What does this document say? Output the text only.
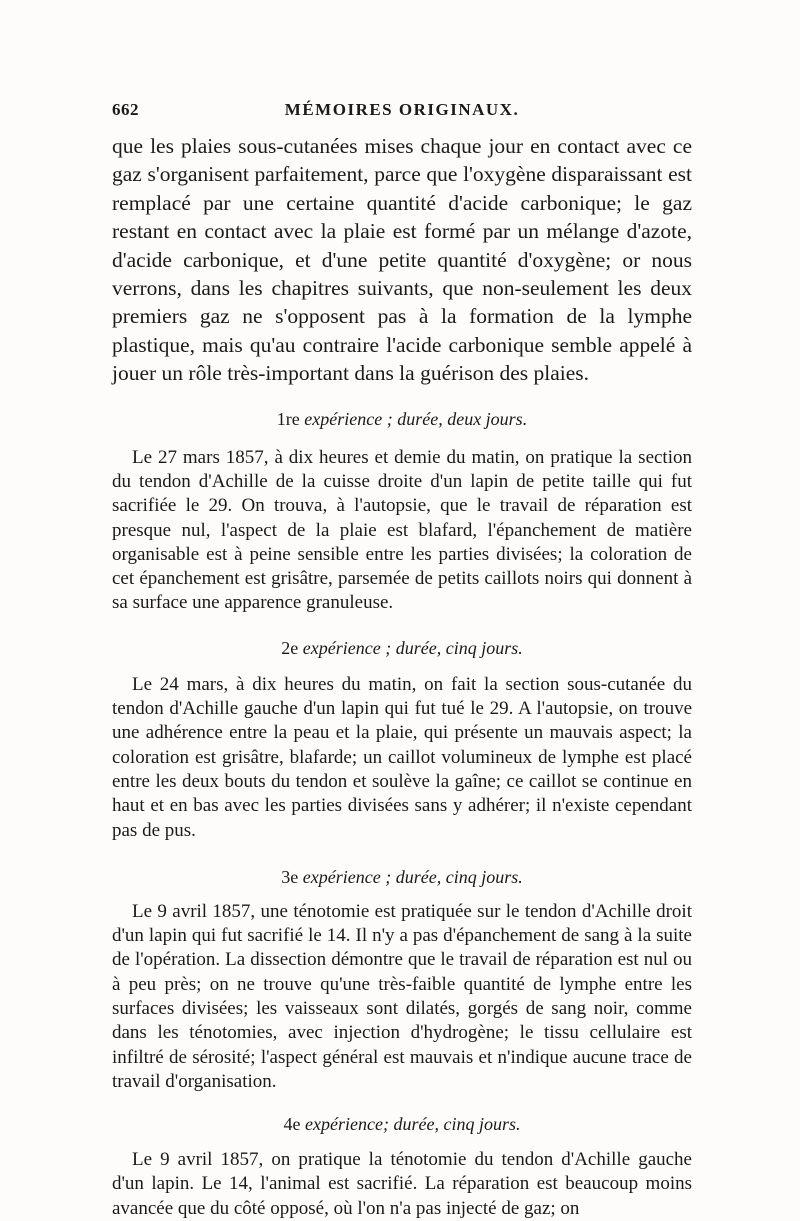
662	MÉMOIRES ORIGINAUX.

que les plaies sous-cutanées mises chaque jour en contact avec ce gaz s'organisent parfaitement, parce que l'oxygène disparaissant est remplacé par une certaine quantité d'acide carbonique; le gaz restant en contact avec la plaie est formé par un mélange d'azote, d'acide carbonique, et d'une petite quantité d'oxygène; or nous verrons, dans les chapitres suivants, que non-seulement les deux premiers gaz ne s'opposent pas à la formation de la lymphe plastique, mais qu'au contraire l'acide carbonique semble appelé à jouer un rôle très-important dans la guérison des plaies.

1re expérience ; durée, deux jours.

Le 27 mars 1857, à dix heures et demie du matin, on pratique la section du tendon d'Achille de la cuisse droite d'un lapin de petite taille qui fut sacrifiée le 29. On trouva, à l'autopsie, que le travail de réparation est presque nul, l'aspect de la plaie est blafard, l'épanchement de matière organisable est à peine sensible entre les parties divisées; la coloration de cet épanchement est grisâtre, parsemée de petits caillots noirs qui donnent à sa surface une apparence granuleuse.

2e expérience ; durée, cinq jours.

Le 24 mars, à dix heures du matin, on fait la section sous-cutanée du tendon d'Achille gauche d'un lapin qui fut tué le 29. A l'autopsie, on trouve une adhérence entre la peau et la plaie, qui présente un mauvais aspect; la coloration est grisâtre, blafarde; un caillot volumineux de lymphe est placé entre les deux bouts du tendon et soulève la gaîne; ce caillot se continue en haut et en bas avec les parties divisées sans y adhérer; il n'existe cependant pas de pus.

3e expérience ; durée, cinq jours.

Le 9 avril 1857, une ténotomie est pratiquée sur le tendon d'Achille droit d'un lapin qui fut sacrifié le 14. Il n'y a pas d'épanchement de sang à la suite de l'opération. La dissection démontre que le travail de réparation est nul ou à peu près; on ne trouve qu'une très-faible quantité de lymphe entre les surfaces divisées; les vaisseaux sont dilatés, gorgés de sang noir, comme dans les ténotomies, avec injection d'hydrogène; le tissu cellulaire est infiltré de sérosité; l'aspect général est mauvais et n'indique aucune trace de travail d'organisation.

4e expérience; durée, cinq jours.

Le 9 avril 1857, on pratique la ténotomie du tendon d'Achille gauche d'un lapin. Le 14, l'animal est sacrifié. La réparation est beaucoup moins avancée que du côté opposé, où l'on n'a pas injecté de gaz; on
